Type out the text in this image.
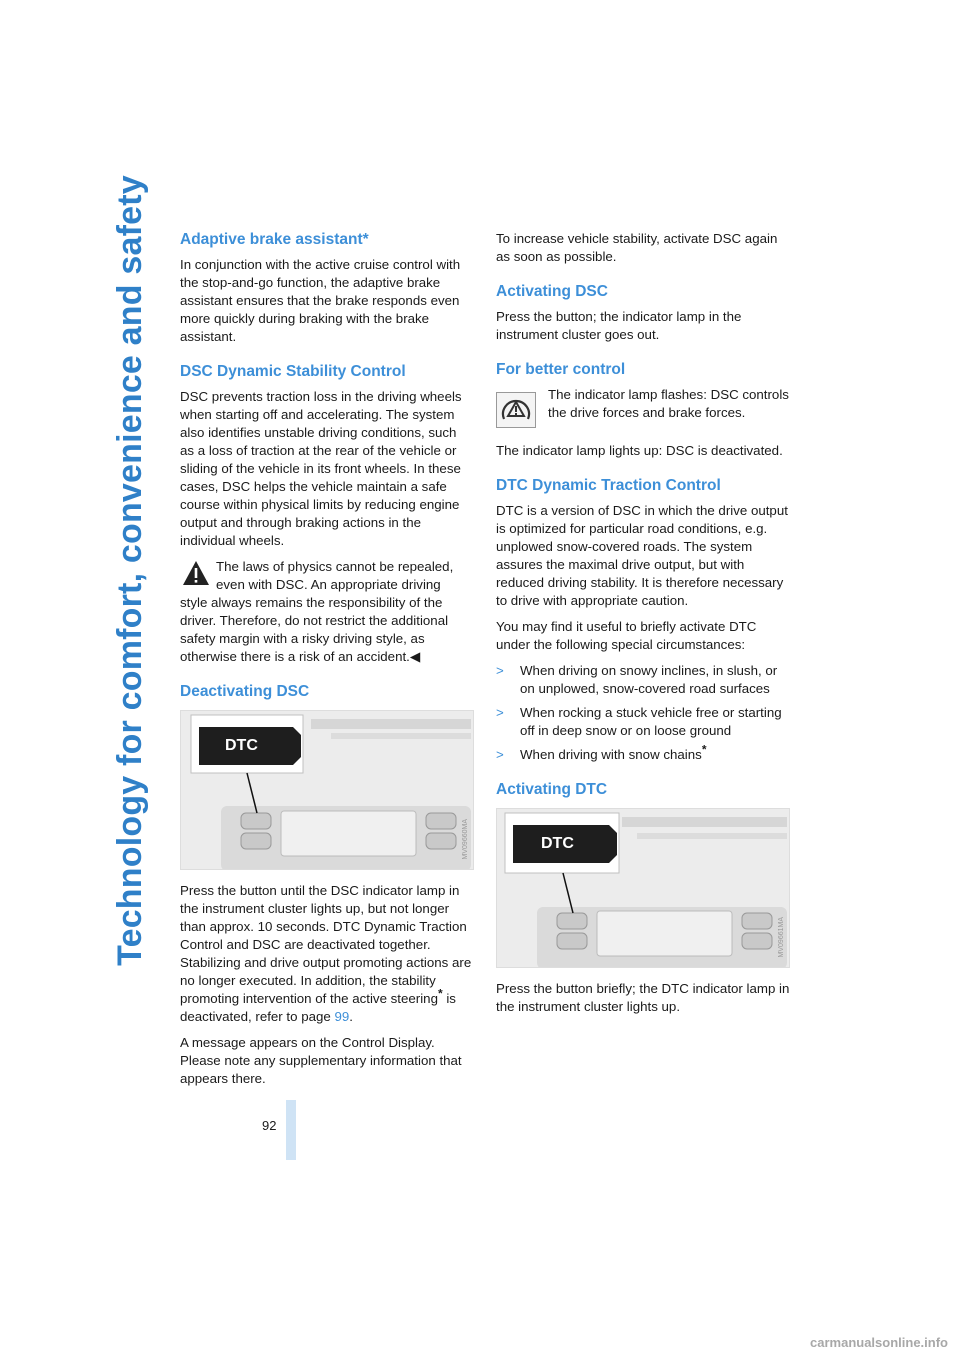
Technology for comfort, convenience and safety Adaptive brake assistant*

In conjunction with the active cruise control with the stop-and-go function, the adaptive brake assistant ensures that the brake responds even more quickly during braking with the brake assistant.

DSC Dynamic Stability Control

DSC prevents traction loss in the driving wheels when starting off and accelerating. The system also identifies unstable driving conditions, such as a loss of traction at the rear of the vehicle or sliding of the vehicle in its front wheels. In these cases, DSC helps the vehicle maintain a safe course within physical limits by reducing engine output and through braking actions in the individual wheels.

The laws of physics cannot be repealed, even with DSC. An appropriate driving

style always remains the responsibility of the driver. Therefore, do not restrict the additional safety margin with a risky driving style, as otherwise there is a risk of an accident.◀

Deactivating DSC
DTC
MV09660MA

Press the button until the DSC indicator lamp in the instrument cluster lights up, but not longer than approx. 10 seconds. DTC Dynamic Traction Control and DSC are deactivated together. Stabilizing and drive output promoting actions are no longer executed. In addition, the stability promoting intervention of the active steering* is deactivated, refer to page 99.

A message appears on the Control Display. Please note any supplementary information that appears there.

To increase vehicle stability, activate DSC again as soon as possible.

Activating DSC

Press the button; the indicator lamp in the instrument cluster goes out.

For better control

The indicator lamp flashes: DSC controls the drive forces and brake forces.

The indicator lamp lights up: DSC is deactivated.

DTC Dynamic Traction Control

DTC is a version of DSC in which the drive output is optimized for particular road conditions, e.g. unplowed snow-covered roads. The system assures the maximal drive output, but with reduced driving stability. It is therefore necessary to drive with appropriate caution.

You may find it useful to briefly activate DTC under the following special circumstances:

> When driving on snowy inclines, in slush, or on unplowed, snow-covered road surfaces
> When rocking a stuck vehicle free or starting off in deep snow or on loose ground
> When driving with snow chains*
Activating DTC
DTC
MV09661MA

Press the button briefly; the DTC indicator lamp in the instrument cluster lights up.

92
carmanualsonline.info
